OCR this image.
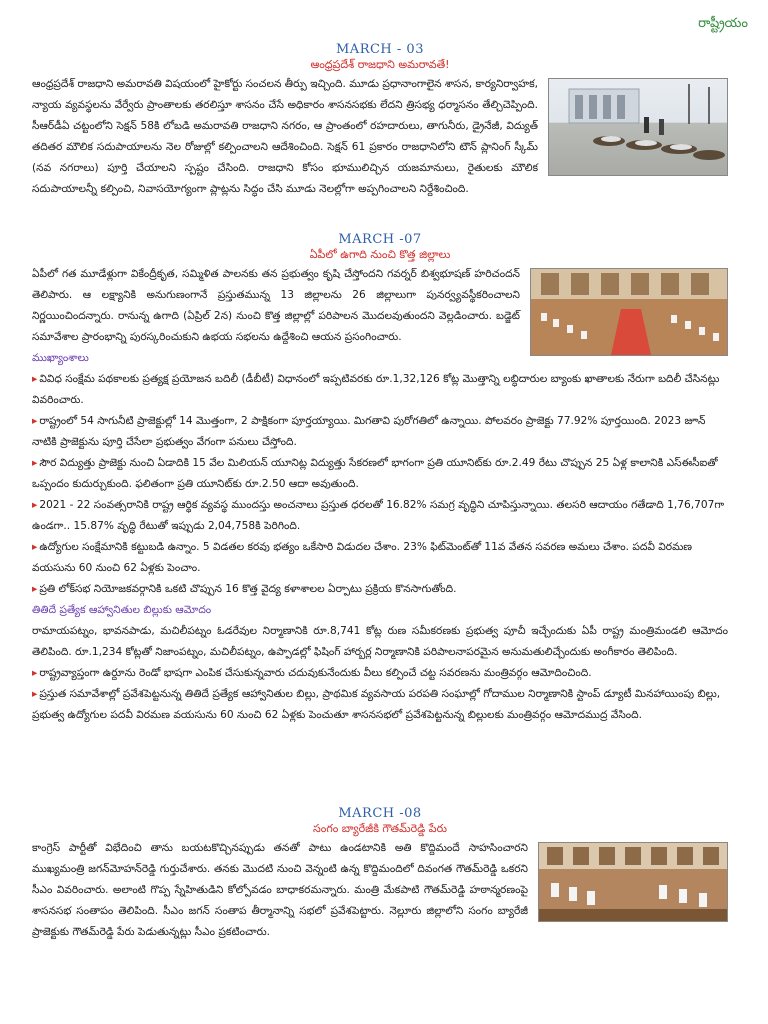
రాష్ట్రీయం
MARCH - 03
ఆంధ్రప్రదేశ్ రాజధాని అమరావతే!

ఆంధ్రప్రదేశ్ రాజధాని అమరావతి విషయంలో హైకోర్టు సంచలన తీర్పు ఇచ్చింది. మూడు ప్రధానాంగాలైన శాసన, కార్యనిర్వాహక, న్యాయ వ్యవస్థలను వేర్వేరు ప్రాంతాలకు తరలిస్తూ శాసనం చేసే అధికారం శాసనసభకు లేదని త్రిసభ్య ధర్మాసనం తేల్చిచెప్పింది. సీఆర్‌డీఏ చట్టంలోని సెక్షన్ 58కి లోబడి అమరావతి రాజధాని నగరం, ఆ ప్రాంతంలో రహదారులు, తాగునీరు, డ్రైనేజీ, విద్యుత్ తదితర మౌలిక సదుపాయాలను నెల రోజుల్లో కల్పించాలని ఆదేశించింది. సెక్షన్ 61 ప్రకారం రాజధానిలోని టౌన్ ప్లానింగ్ స్కీమ్ (నవ నగరాలు) పూర్తి చేయాలని స్పష్టం చేసింది. రాజధాని కోసం భూములిచ్చిన యజమానులు, రైతులకు మౌలిక సదుపాయాలన్నీ కల్పించి, నివాసయోగ్యంగా ప్లాట్లను సిద్ధం చేసి మూడు నెలల్లోగా అప్పగించాలని నిర్దేశించింది.

MARCH -07
ఏపీలో ఉగాది నుంచి కొత్త జిల్లాలు

ఏపీలో గత మూడేళ్లుగా వికేంద్రీకృత, సమ్మిళిత పాలనకు తన ప్రభుత్వం కృషి చేస్తోందని గవర్నర్ బిశ్వభూషణ్ హరిచందన్ తెలిపారు. ఆ లక్ష్యానికి అనుగుణంగానే ప్రస్తుతమున్న 13 జిల్లాలను 26 జిల్లాలుగా పునర్వ్యవస్థీకరించాలని నిర్ణయించిందన్నారు. రానున్న ఉగాది (ఏప్రిల్ 2న) నుంచి కొత్త జిల్లాల్లో పరిపాలన మొదలవుతుందని వెల్లడించారు. బడ్జెట్ సమావేశాల ప్రారంభాన్ని పురస్కరించుకుని ఉభయ సభలను ఉద్దేశించి ఆయన ప్రసంగించారు.

ముఖ్యాంశాలు

▸ వివిధ సంక్షేమ పథకాలకు ప్రత్యక్ష ప్రయోజన బదిలీ (డీబీటీ) విధానంలో ఇప్పటివరకు రూ.1,32,126 కోట్ల మొత్తాన్ని లబ్ధిదారుల బ్యాంకు ఖాతాలకు నేరుగా బదిలీ చేసినట్లు వివరించారు.

▸ రాష్ట్రంలో 54 సాగునీటి ప్రాజెక్టుల్లో 14 మొత్తంగా, 2 పాక్షికంగా పూర్తయ్యాయి. మిగతావి పురోగతిలో ఉన్నాయి. పోలవరం ప్రాజెక్టు 77.92% పూర్తయింది. 2023 జూన్ నాటికి ప్రాజెక్టును పూర్తి చేసేలా ప్రభుత్వం వేగంగా పనులు చేస్తోంది.

▸ సౌర విద్యుత్తు ప్రాజెక్టు నుంచి ఏడాదికి 15 వేల మిలియన్ యూనిట్ల విద్యుత్తు సేకరణలో భాగంగా ప్రతి యూనిట్‌కు రూ.2.49 రేటు చొప్పున 25 ఏళ్ల కాలానికి ఎస్ఈసీఐతో ఒప్పందం కుదుర్చుకుంది. ఫలితంగా ప్రతి యూనిట్‌కు రూ.2.50 ఆదా అవుతుంది.

▸ 2021 - 22 సంవత్సరానికి రాష్ట్ర ఆర్థిక వ్యవస్థ ముందస్తు అంచనాలు ప్రస్తుత ధరలతో 16.82% సమగ్ర వృద్ధిని చూపిస్తున్నాయి. తలసరి ఆదాయం గతేడాది 1,76,707గా ఉండగా.. 15.87% వృద్ధి రేటుతో ఇప్పుడు 2,04,758కి పెరిగింది.

▸ ఉద్యోగుల సంక్షేమానికి కట్టుబడి ఉన్నాం. 5 విడతల కరవు భత్యం ఒకేసారి విడుదల చేశాం. 23% ఫిట్‌మెంట్‌తో 11వ వేతన సవరణ అమలు చేశాం. పదవీ విరమణ వయసును 60 నుంచి 62 ఏళ్లకు పెంచాం.

▸ ప్రతి లోక్‌సభ నియోజకవర్గానికి ఒకటి చొప్పున 16 కొత్త వైద్య కళాశాలల ఏర్పాటు ప్రక్రియ కొనసాగుతోంది.

తితిదే ప్రత్యేక ఆహ్వానితుల బిల్లుకు ఆమోదం

రామాయపట్నం, భావనపాడు, మచిలీపట్నం ఓడరేవుల నిర్మాణానికి రూ.8,741 కోట్ల రుణ సమీకరణకు ప్రభుత్వ పూచీ ఇచ్చేందుకు ఏపీ రాష్ట్ర మంత్రిమండలి ఆమోదం తెలిపింది. రూ.1,234 కోట్లతో నిజాంపట్నం, మచిలీపట్నం, ఉప్పాడల్లో ఫిషింగ్ హార్బర్ల నిర్మాణానికి పరిపాలనాపరమైన అనుమతులిచ్చేందుకు అంగీకారం తెలిపింది.

▸ రాష్ట్రవ్యాప్తంగా ఉర్దూను రెండో భాషగా ఎంపిక చేసుకున్నవారు చదువుకునేందుకు వీలు కల్పించే చట్ట సవరణను మంత్రివర్గం ఆమోదించింది.

▸ ప్రస్తుత సమావేశాల్లో ప్రవేశపెట్టనున్న తితిదే ప్రత్యేక ఆహ్వానితుల బిల్లు, ప్రాథమిక వ్యవసాయ పరపతి సంఘాల్లో గోదాముల నిర్మాణానికి స్టాంప్ డ్యూటీ మినహాయింపు బిల్లు, ప్రభుత్వ ఉద్యోగుల పదవీ విరమణ వయసును 60 నుంచి 62 ఏళ్లకు పెంచుతూ శాసనసభలో ప్రవేశపెట్టనున్న బిల్లులకు మంత్రివర్గం ఆమోదముద్ర వేసింది.

MARCH -08
సంగం బ్యారేజీకి గౌతమ్‌రెడ్డి పేరు

కాంగ్రెస్ పార్టీతో విభేదించి తాను బయటకొచ్చినప్పుడు తనతో పాటు ఉండటానికి అతి కొద్దిమందే సాహసించారని ముఖ్యమంత్రి జగన్‌మోహన్‌రెడ్డి గుర్తుచేశారు. తనకు మొదటి నుంచి వెన్నంటి ఉన్న కొద్దిమందిలో దివంగత గౌతమ్‌రెడ్డి ఒకరని సీఎం వివరించారు. అలాంటి గొప్ప స్నేహితుడిని కోల్పోవడం బాధాకరమన్నారు. మంత్రి మేకపాటి గౌతమ్‌రెడ్డి హఠాన్మరణంపై శాసనసభ సంతాపం తెలిపింది. సీఎం జగన్ సంతాప తీర్మానాన్ని సభలో ప్రవేశపెట్టారు. నెల్లూరు జిల్లాలోని సంగం బ్యారేజీ ప్రాజెక్టుకు గౌతమ్‌రెడ్డి పేరు పెడుతున్నట్లు సీఎం ప్రకటించారు.
